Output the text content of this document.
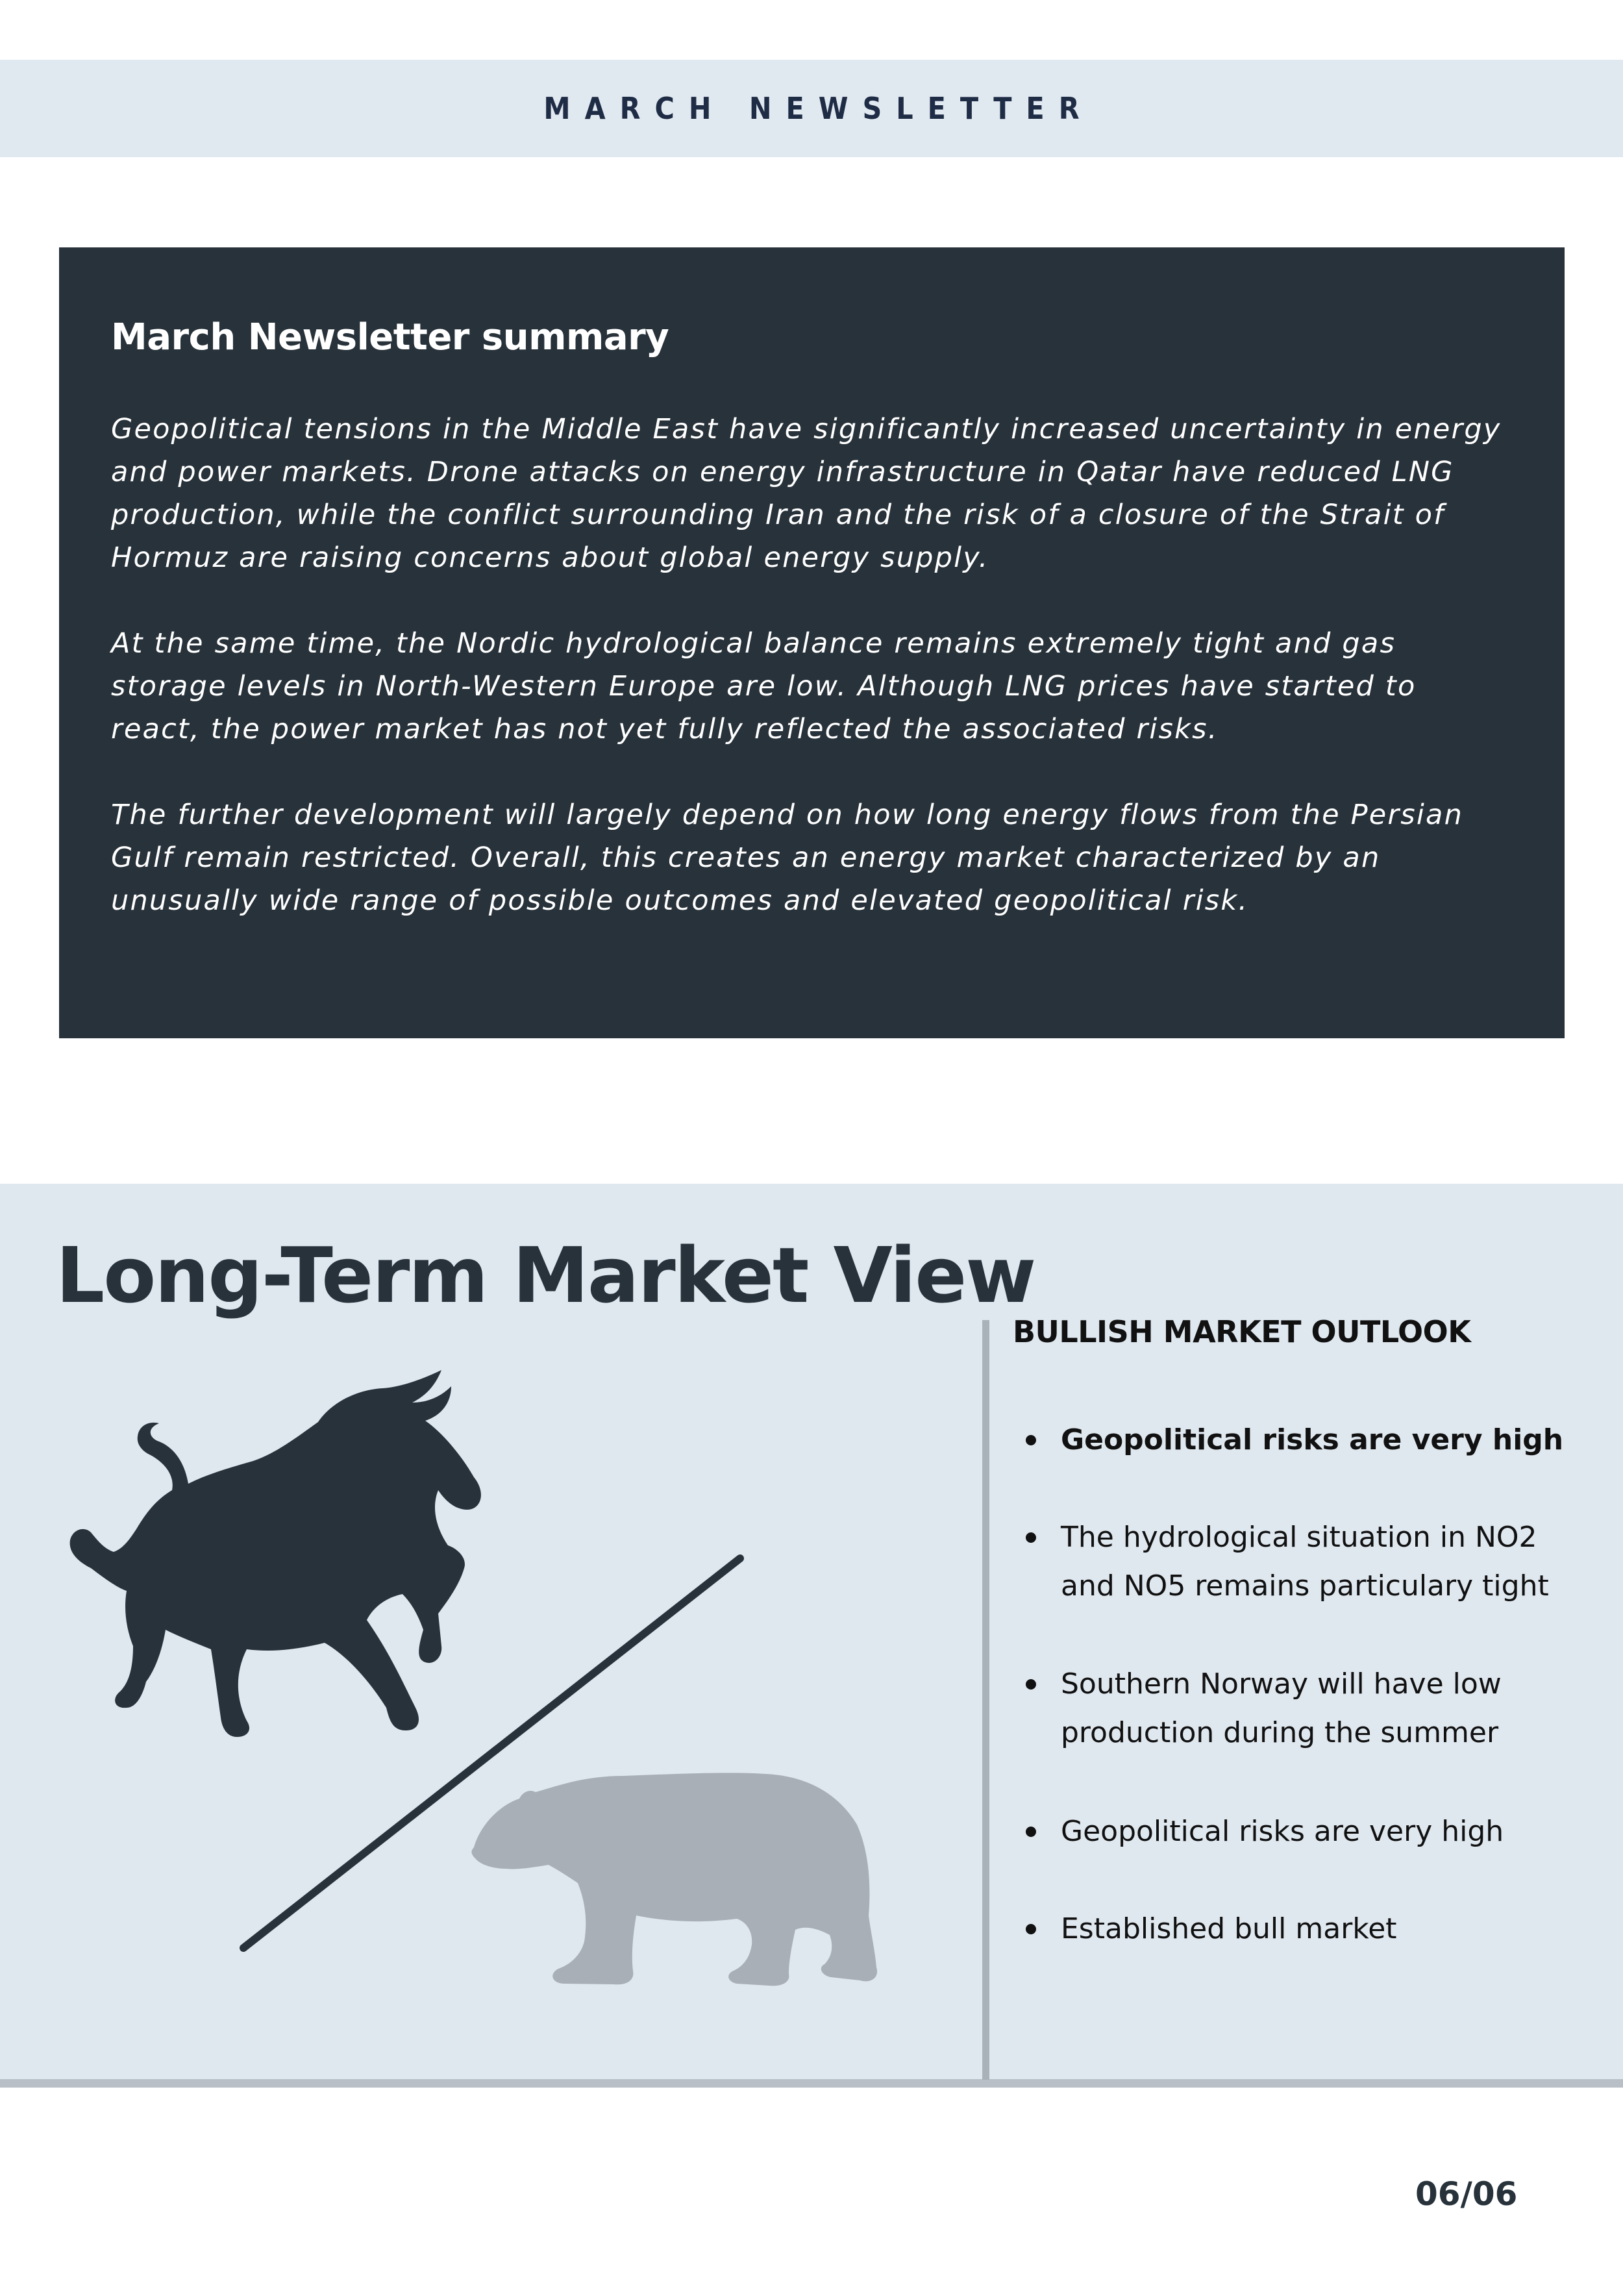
MARCH NEWSLETTER
March Newsletter summary

Geopolitical tensions in the Middle East have significantly increased uncertainty in energy and power markets. Drone attacks on energy infrastructure in Qatar have reduced LNG production, while the conflict surrounding Iran and the risk of a closure of the Strait of Hormuz are raising concerns about global energy supply.

At the same time, the Nordic hydrological balance remains extremely tight and gas storage levels in North-Western Europe are low. Although LNG prices have started to react, the power market has not yet fully reflected the associated risks.

The further development will largely depend on how long energy flows from the Persian Gulf remain restricted. Overall, this creates an energy market characterized by an unusually wide range of possible outcomes and elevated geopolitical risk.

Long-Term Market View
BULLISH MARKET OUTLOOK
Geopolitical risks are very high
The hydrological situation in NO2 and NO5 remains particulary tight
Southern Norway will have low production during the summer
Geopolitical risks are very high
Established bull market
06/06
